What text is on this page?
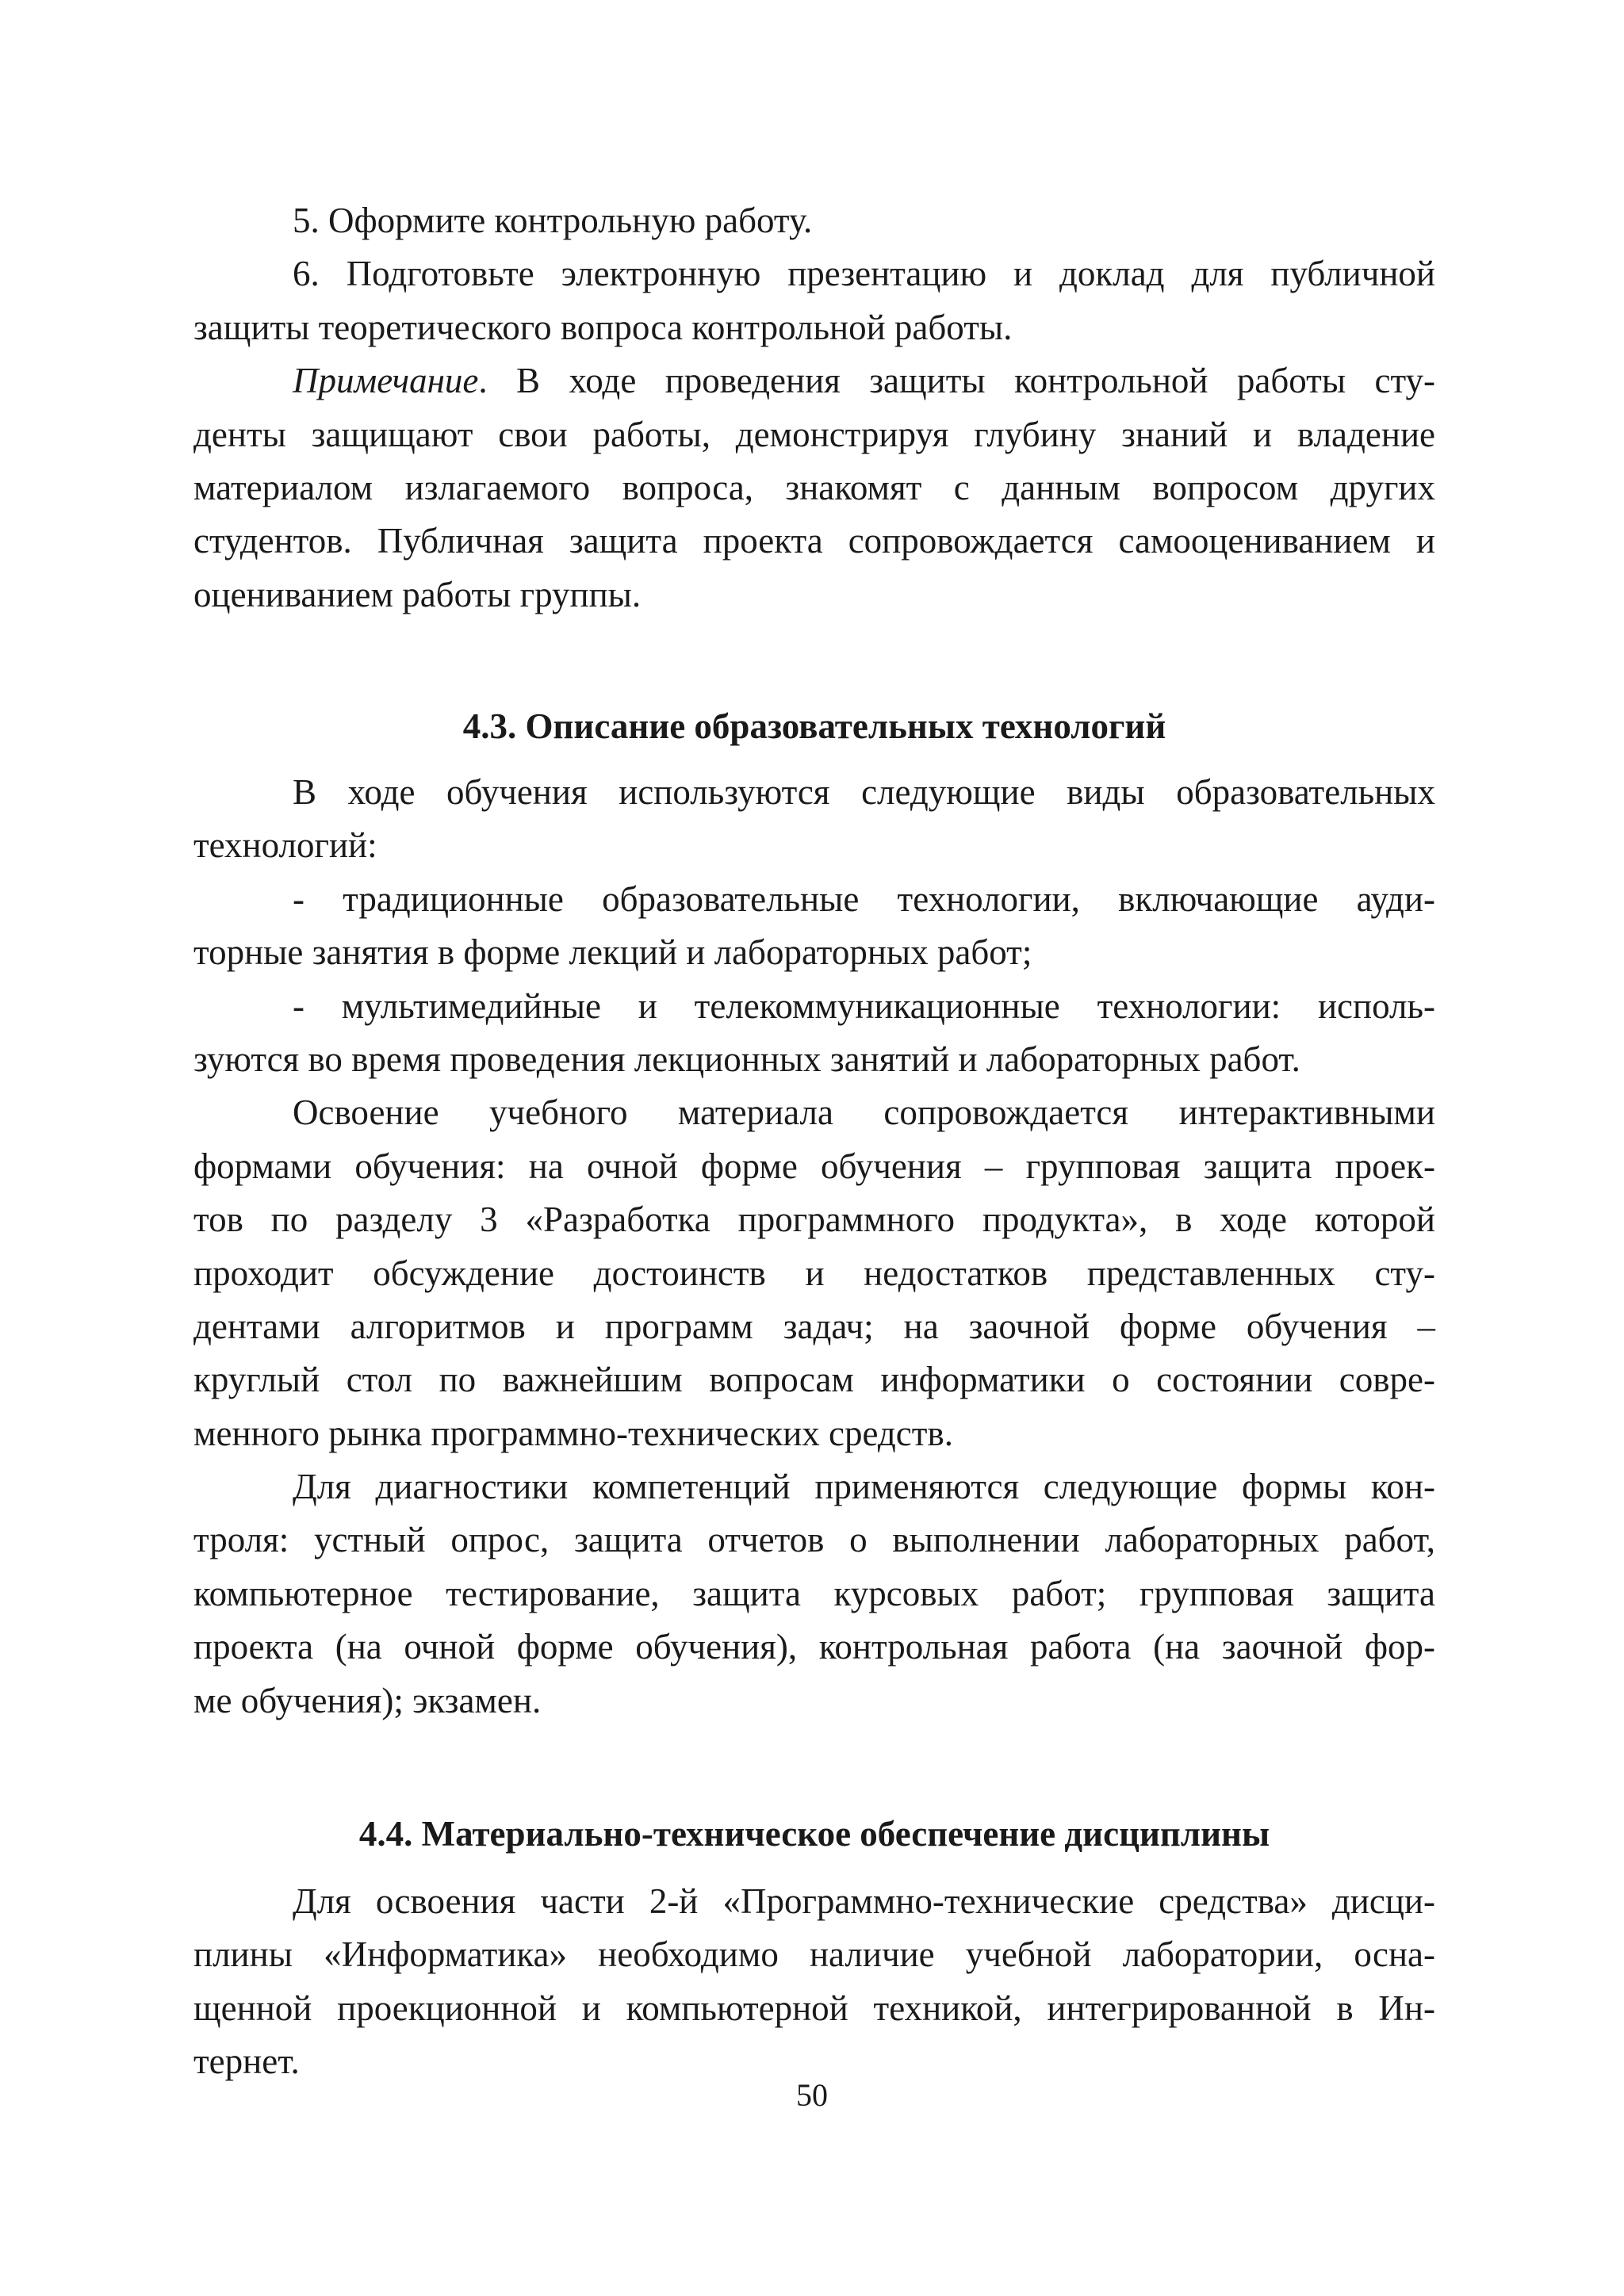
5. Оформите контрольную работу.
6. Подготовьте электронную презентацию и доклад для публичной
защиты теоретического вопроса контрольной работы.
Примечание. В ходе проведения защиты контрольной работы сту-
денты защищают свои работы, демонстрируя глубину знаний и владение
материалом излагаемого вопроса, знакомят с данным вопросом других
студентов. Публичная защита проекта сопровождается самооцениванием и
оцениванием работы группы.
4.3. Описание образовательных технологий
В ходе обучения используются следующие виды образовательных
технологий:
- традиционные образовательные технологии, включающие ауди-
торные занятия в форме лекций и лабораторных работ;
- мультимедийные и телекоммуникационные технологии: исполь-
зуются во время проведения лекционных занятий и лабораторных работ.
Освоение учебного материала сопровождается интерактивными
формами обучения: на очной форме обучения – групповая защита проек-
тов по разделу 3 «Разработка программного продукта», в ходе которой
проходит обсуждение достоинств и недостатков представленных сту-
дентами алгоритмов и программ задач; на заочной форме обучения –
круглый стол по важнейшим вопросам информатики о состоянии совре-
менного рынка программно-технических средств.
Для диагностики компетенций применяются следующие формы кон-
троля: устный опрос, защита отчетов о выполнении лабораторных работ,
компьютерное тестирование, защита курсовых работ; групповая защита
проекта (на очной форме обучения), контрольная работа (на заочной фор-
ме обучения); экзамен.
4.4. Материально-техническое обеспечение дисциплины
Для освоения части 2-й «Программно-технические средства» дисци-
плины «Информатика» необходимо наличие учебной лаборатории, осна-
щенной проекционной и компьютерной техникой, интегрированной в Ин-
тернет.
50
